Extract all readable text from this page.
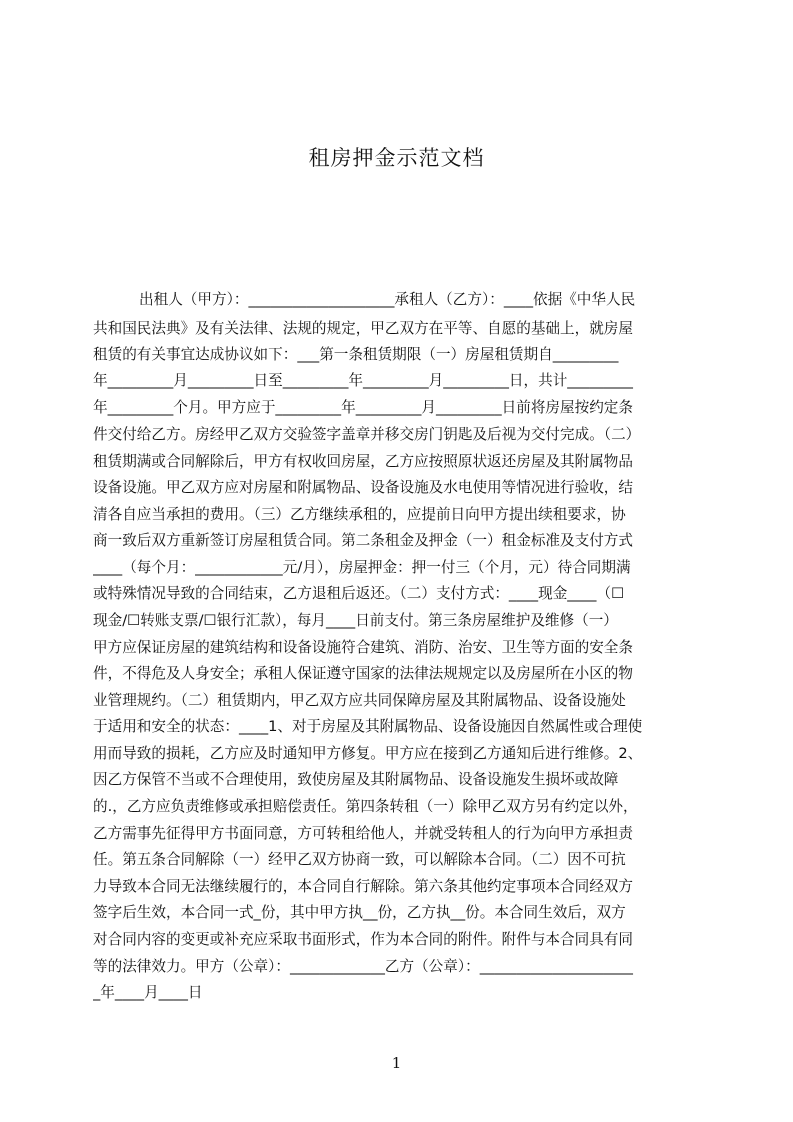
租房押金示范文档
出租人（甲方）：____________________承租人（乙方）：____依据《中华人民
共和国民法典》及有关法律、法规的规定，甲乙双方在平等、自愿的基础上，就房屋
租赁的有关事宜达成协议如下：___第一条租赁期限（一）房屋租赁期自_________
年_________月_________日至_________年_________月_________日，共计_________
年_________个月。甲方应于_________年_________月_________日前将房屋按约定条
件交付给乙方。房经甲乙双方交验签字盖章并移交房门钥匙及后视为交付完成。（二）
租赁期满或合同解除后，甲方有权收回房屋，乙方应按照原状返还房屋及其附属物品
设备设施。甲乙双方应对房屋和附属物品、设备设施及水电使用等情况进行验收，结
清各自应当承担的费用。（三）乙方继续承租的，应提前日向甲方提出续租要求，协
商一致后双方重新签订房屋租赁合同。第二条租金及押金（一）租金标准及支付方式
____（每个月：____________元/月），房屋押金：押一付三（个月，元）待合同期满
或特殊情况导致的合同结束，乙方退租后返还。（二）支付方式：____现金____（☐
现金/☐转账支票/☐银行汇款），每月____日前支付。第三条房屋维护及维修（一）
甲方应保证房屋的建筑结构和设备设施符合建筑、消防、治安、卫生等方面的安全条
件，不得危及人身安全；承租人保证遵守国家的法律法规规定以及房屋所在小区的物
业管理规约。（二）租赁期内，甲乙双方应共同保障房屋及其附属物品、设备设施处
于适用和安全的状态：____1、对于房屋及其附属物品、设备设施因自然属性或合理使
用而导致的损耗，乙方应及时通知甲方修复。甲方应在接到乙方通知后进行维修。2、
因乙方保管不当或不合理使用，致使房屋及其附属物品、设备设施发生损坏或故障
的.，乙方应负责维修或承担赔偿责任。第四条转租（一）除甲乙双方另有约定以外，
乙方需事先征得甲方书面同意，方可转租给他人，并就受转租人的行为向甲方承担责
任。第五条合同解除（一）经甲乙双方协商一致，可以解除本合同。（二）因不可抗
力导致本合同无法继续履行的，本合同自行解除。第六条其他约定事项本合同经双方
签字后生效，本合同一式_份，其中甲方执__份，乙方执__份。本合同生效后，双方
对合同内容的变更或补充应采取书面形式，作为本合同的附件。附件与本合同具有同
等的法律效力。甲方（公章）：_____________乙方（公章）：_____________________
_年____月____日
1
